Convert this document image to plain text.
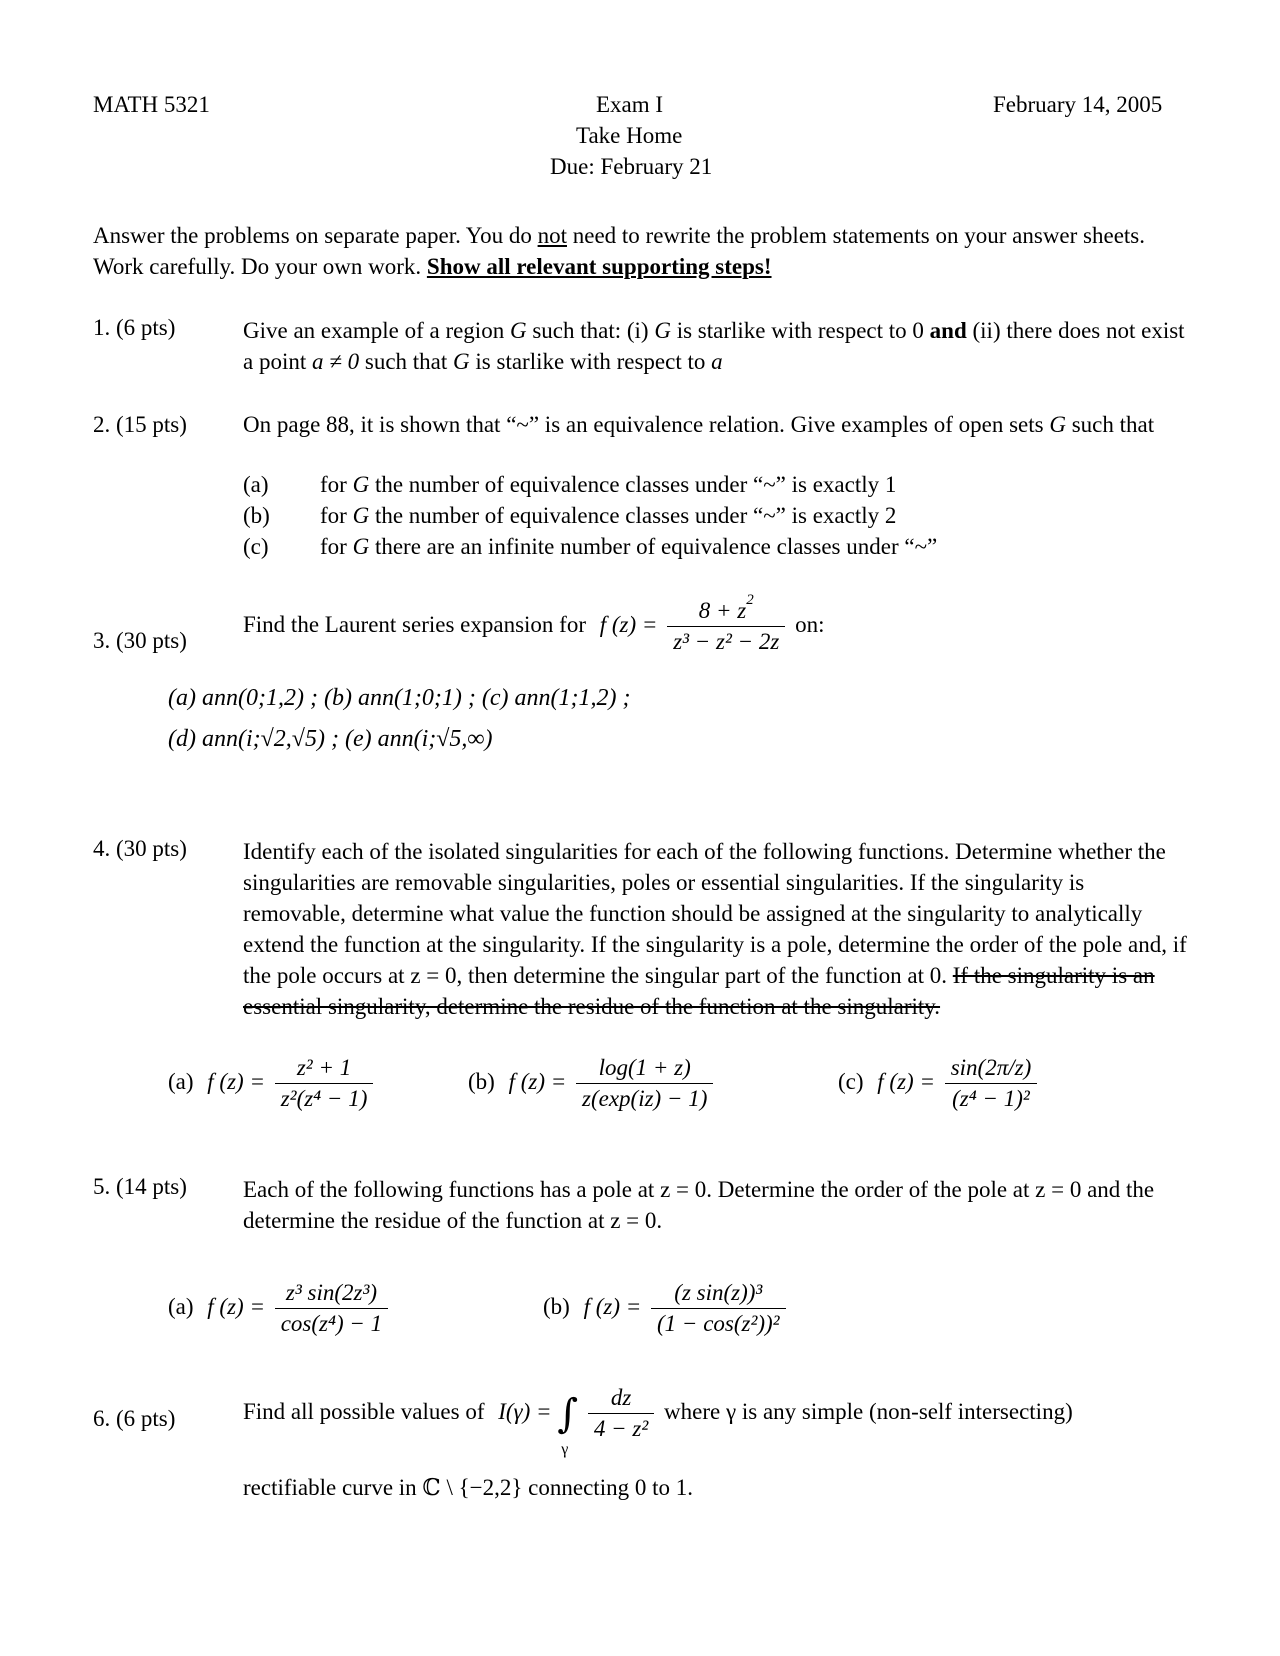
MATH 5321	Exam I
Take Home
Due: February 21
February 14, 2005
Answer the problems on separate paper. You do not need to rewrite the problem statements on your answer sheets. Work carefully. Do your own work. Show all relevant supporting steps!
1. (6 pts)	Give an example of a region G such that: (i) G is starlike with respect to 0 and (ii) there does not exist a point a ≠ 0 such that G is starlike with respect to a
2. (15 pts) On page 88, it is shown that “~” is an equivalence relation. Give examples of open sets G such that
(a) for G the number of equivalence classes under “~” is exactly 1
(b) for G the number of equivalence classes under “~” is exactly 2
(c) for G there are an infinite number of equivalence classes under “~”
3. (30 pts)
Find the Laurent series expansion for f $(z) = \frac{8 + z^2}{\text{z³ − z² − 2z}}$ on:
(a) ann(0;1,2) ; (b) ann(1;0;1) ; (c) ann(1;1,2) ;
(d) ann(i;√2,√5) ; (e) ann(i;√5,∞)
4. (30 pts) Identify each of the isolated singularities for each of the following functions. Determine whether the singularities are removable singularities, poles or essential singularities. If the singularity is removable, determine what value the function should be assigned at the singularity to analytically extend the function at the singularity. If the singularity is a pole, determine the order of the pole and, if the pole occurs at z = 0, then determine the singular part of the function at 0. If the singularity is an essential singularity, determine the residue of the function at the singularity.
(a) f $(z) = \frac{\text{z² + 1}}{\text{z²(z⁴ − 1)}}$	(b) f $(z) = \frac{\log(1 + z)}{z(\exp(iz) - 1)}$	(c) f $(z) = \frac{\sin(2\pi/z)}{\text{(z⁴ − 1)²}}$
5. (14 pts) Each of the following functions has a pole at z = 0. Determine the order of the pole at z = 0 and the determine the residue of the function at z = 0.
(a) f $(z) = \frac{\text{z³ sin(2z³)}}{\text{cos(z⁴) − 1}}$	(b) f $(z) = \frac{\text{(z sin(z))³}}{\text{(1 − cos(z²))²}}$
6. (6 pts)	Find all possible values of I(γ) = ∫
γ

$\frac{dz}{\text{4 − z²}}$ where γ is any simple (non-self intersecting)
rectifiable curve in ℂ \ {−2,2} connecting 0 to 1.
